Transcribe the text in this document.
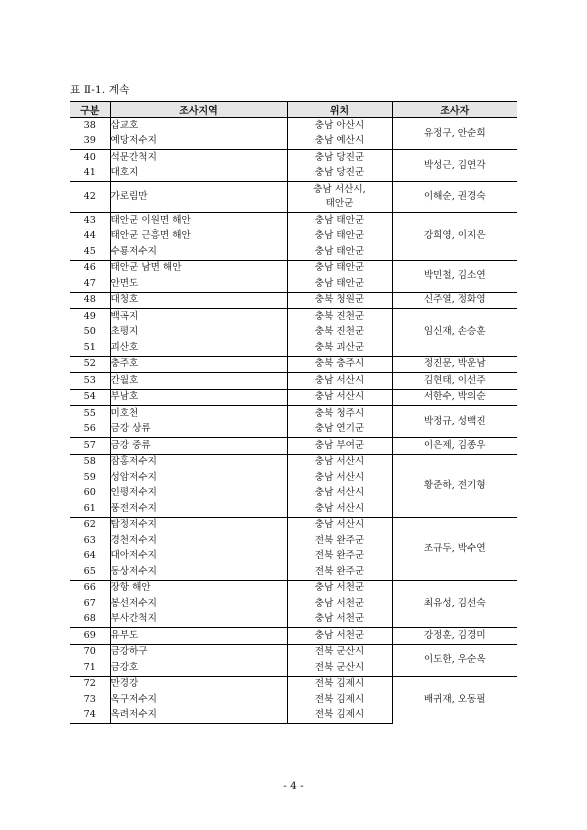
표 Ⅱ-1. 계속
구분	조사지역	위치	조사자
38	삽교호	충남 아산시	유정구, 안순희
39	예당저수지	충남 예산시	
40	석문간척지	충남 당진군	박성근, 김연각
41	대호지	충남 당진군	
42	가로림만	충남 서산시,
태안군	이해순, 권경숙
43	태안군 이원면 해안	충남 태안군	강희영, 이지은
44	태안군 근흥면 해안	충남 태안군	
45	수룡저수지	충남 태안군	
46	태안군 남면 해안	충남 태안군	박민철, 김소연
47	안면도	충남 태안군	
48	대청호	충북 청원군	신주열, 정화영
49	백곡지	충북 진천군	임신재, 손승훈
50	초평지	충북 진천군	
51	괴산호	충북 괴산군	
52	충주호	충북 충주시	정진문, 박운남
53	간월호	충남 서산시	김현태, 이선주
54	부남호	충남 서산시	서한수, 박의순
55	미호천	충북 청주시	박정규, 성백진
56	금강 상류	충남 연기군	
57	금강 중류	충남 부여군	이은제, 김종우
58	잠홍저수지	충남 서산시	황준하, 전기형
59	성암저수지	충남 서산시	
60	인평저수지	충남 서산시	
61	풍전저수지	충남 서산시	
62	탑정저수지	충남 서산시	조규두, 박수연
63	경천저수지	전북 완주군	
64	대아저수지	전북 완주군	
65	동상저수지	전북 완주군	
66	장항 해안	충남 서천군	최유성, 김선숙
67	봉선저수지	충남 서천군	
68	부사간척지	충남 서천군	
69	유부도	충남 서천군	강정훈, 김경미
70	금강하구	전북 군산시	이도한, 우순옥
71	금강호	전북 군산시	
72	만경강	전북 김제시	배귀재, 오동필
73	옥구저수지	전북 김제시	
74	옥려저수지	전북 김제시	
- 4 -
